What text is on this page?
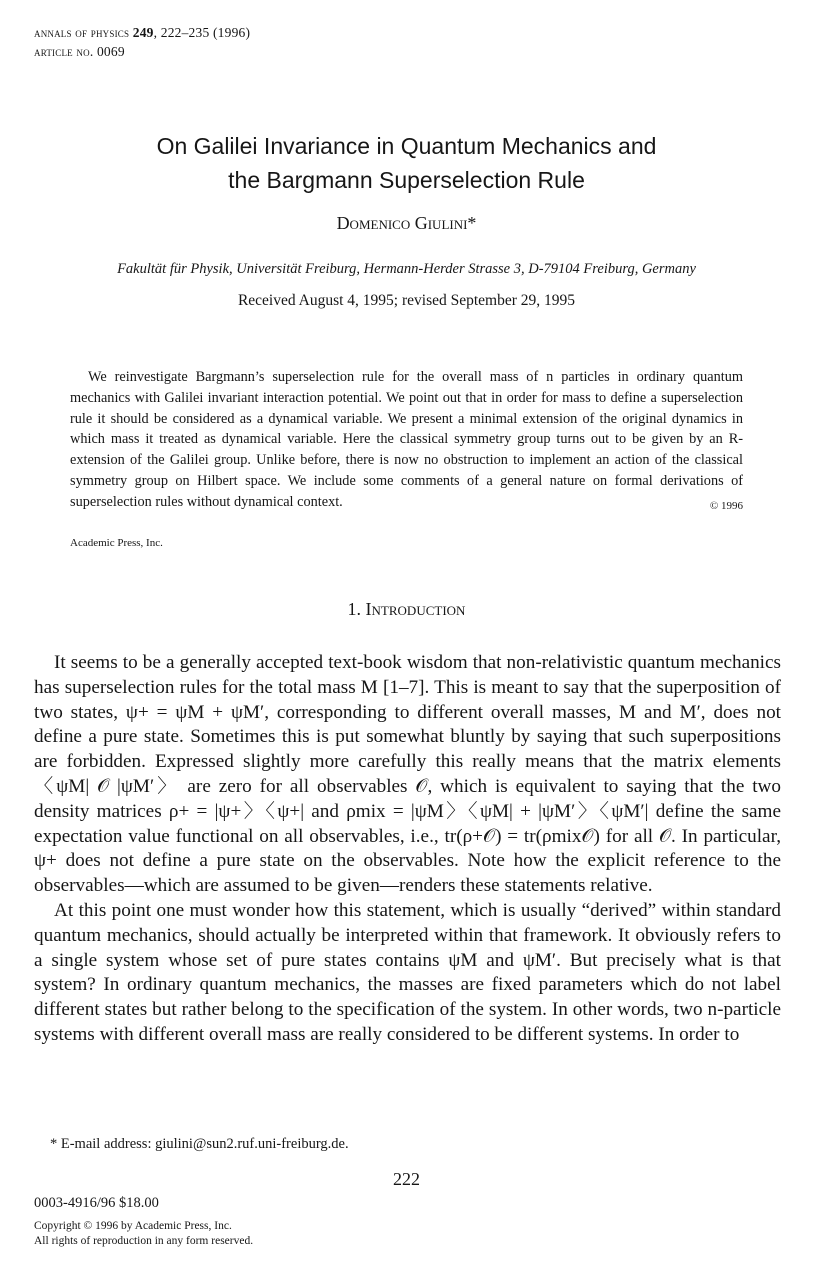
annals of physics 249, 222–235 (1996)
article no. 0069
On Galilei Invariance in Quantum Mechanics and
the Bargmann Superselection Rule
Domenico Giulini*
Fakultät für Physik, Universität Freiburg, Hermann-Herder Strasse 3, D-79104 Freiburg, Germany
Received August 4, 1995; revised September 29, 1995
We reinvestigate Bargmann’s superselection rule for the overall mass of n particles in ordinary quantum mechanics with Galilei invariant interaction potential. We point out that in order for mass to define a superselection rule it should be considered as a dynamical variable. We present a minimal extension of the original dynamics in which mass it treated as dynamical variable. Here the classical symmetry group turns out to be given by an R-extension of the Galilei group. Unlike before, there is now no obstruction to implement an action of the classical symmetry group on Hilbert space. We include some comments of a general nature on formal derivations of superselection rules without dynamical context.	© 1996
Academic Press, Inc.
1. Introduction

It seems to be a generally accepted text-book wisdom that non-relativistic quantum mechanics has superselection rules for the total mass M [1–7]. This is meant to say that the superposition of two states, ψ+ = ψM + ψM′, corresponding to different overall masses, M and M′, does not define a pure state. Sometimes this is put somewhat bluntly by saying that such superpositions are forbidden. Expressed slightly more carefully this really means that the matrix elements 〈ψM| 𝒪 |ψM′〉 are zero for all observables 𝒪, which is equivalent to saying that the two density matrices ρ+ = |ψ+〉〈ψ+| and ρmix = |ψM〉〈ψM| + |ψM′〉〈ψM′| define the same expectation value functional on all observables, i.e., tr(ρ+𝒪) = tr(ρmix𝒪) for all 𝒪. In particular, ψ+ does not define a pure state on the observables. Note how the explicit reference to the observables—which are assumed to be given—renders these statements relative.

At this point one must wonder how this statement, which is usually “derived” within standard quantum mechanics, should actually be interpreted within that framework. It obviously refers to a single system whose set of pure states contains ψM and ψM′. But precisely what is that system? In ordinary quantum mechanics, the masses are fixed parameters which do not label different states but rather belong to the specification of the system. In other words, two n-particle systems with different overall mass are really considered to be different systems. In order to

* E-mail address: giulini@sun2.ruf.uni-freiburg.de.
222
0003-4916/96 $18.00
Copyright © 1996 by Academic Press, Inc.
All rights of reproduction in any form reserved.
